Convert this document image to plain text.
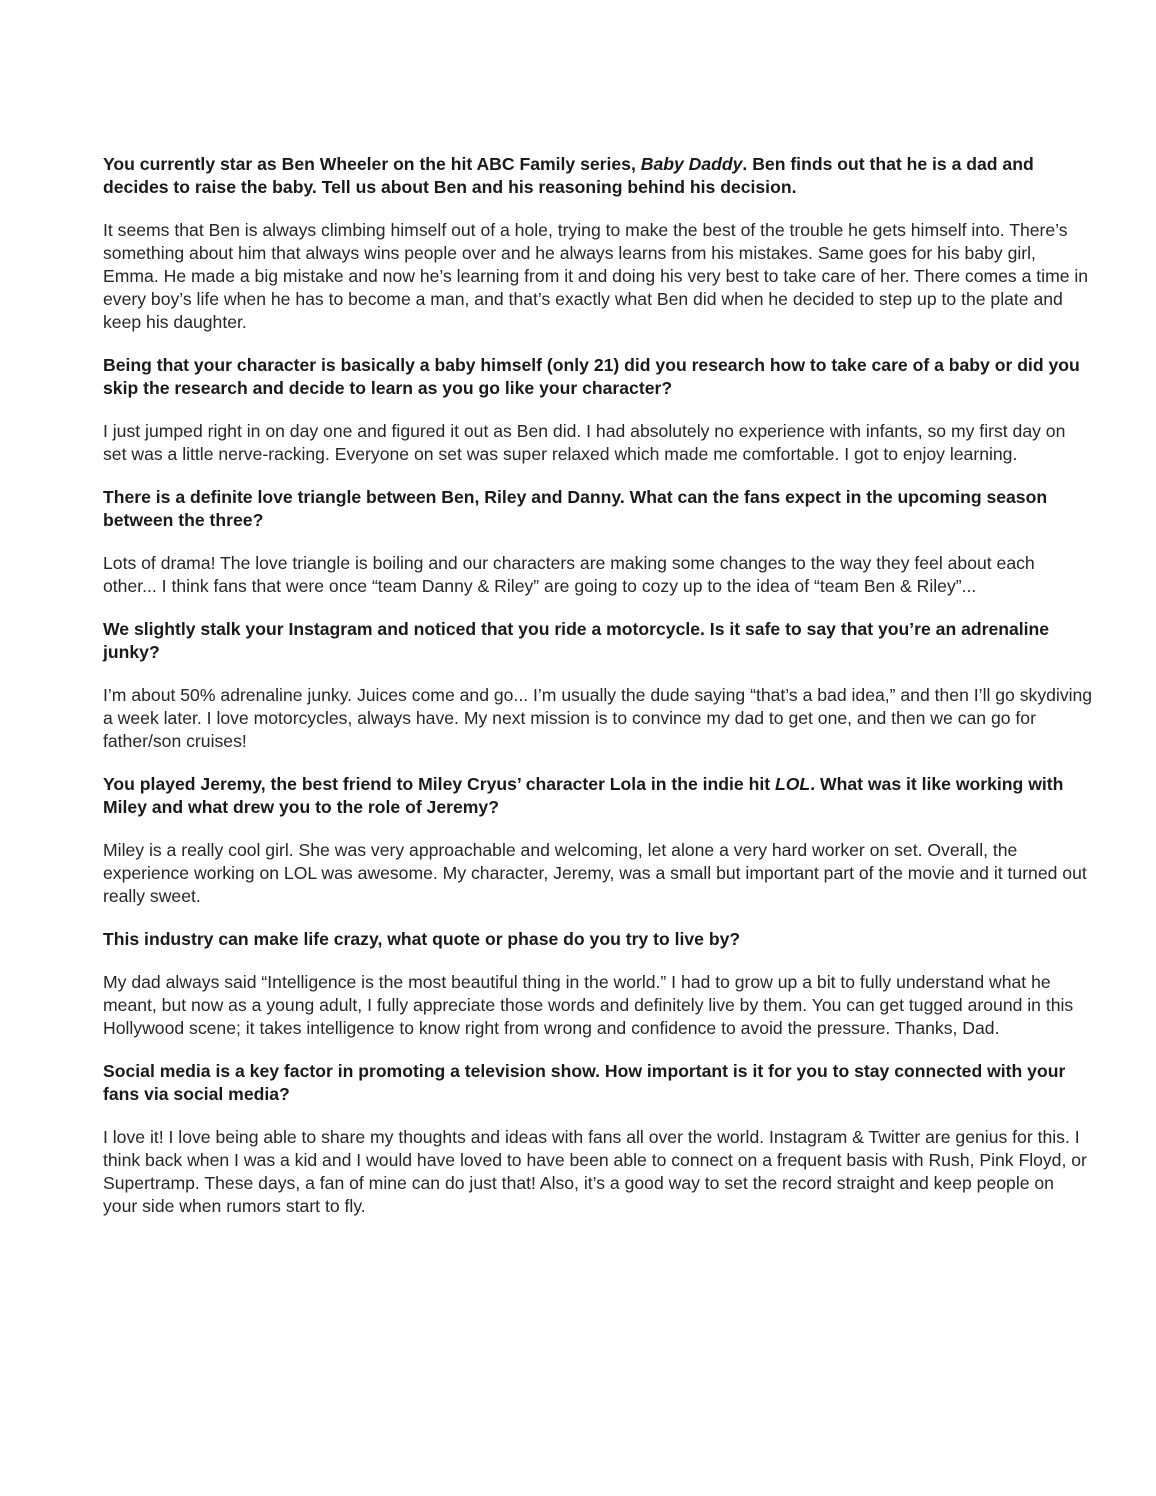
You currently star as Ben Wheeler on the hit ABC Family series, Baby Daddy. Ben finds out that he is a dad and decides to raise the baby. Tell us about Ben and his reasoning behind his decision.

It seems that Ben is always climbing himself out of a hole, trying to make the best of the trouble he gets himself into. There’s something about him that always wins people over and he always learns from his mistakes. Same goes for his baby girl, Emma. He made a big mistake and now he’s learning from it and doing his very best to take care of her. There comes a time in every boy’s life when he has to become a man, and that’s exactly what Ben did when he decided to step up to the plate and keep his daughter.

Being that your character is basically a baby himself (only 21) did you research how to take care of a baby or did you skip the research and decide to learn as you go like your character?

I just jumped right in on day one and figured it out as Ben did. I had absolutely no experience with infants, so my first day on set was a little nerve-racking. Everyone on set was super relaxed which made me comfortable. I got to enjoy learning.

There is a definite love triangle between Ben, Riley and Danny. What can the fans expect in the upcoming season between the three?

Lots of drama! The love triangle is boiling and our characters are making some changes to the way they feel about each other... I think fans that were once “team Danny & Riley” are going to cozy up to the idea of “team Ben & Riley”...

We slightly stalk your Instagram and noticed that you ride a motorcycle. Is it safe to say that you’re an adrenaline junky?

I’m about 50% adrenaline junky. Juices come and go... I’m usually the dude saying “that’s a bad idea,” and then I’ll go skydiving a week later. I love motorcycles, always have. My next mission is to convince my dad to get one, and then we can go for father/son cruises!

You played Jeremy, the best friend to Miley Cryus’ character Lola in the indie hit LOL. What was it like working with Miley and what drew you to the role of Jeremy?

Miley is a really cool girl. She was very approachable and welcoming, let alone a very hard worker on set. Overall, the experience working on LOL was awesome. My character, Jeremy, was a small but important part of the movie and it turned out really sweet.

This industry can make life crazy, what quote or phase do you try to live by?

My dad always said “Intelligence is the most beautiful thing in the world.” I had to grow up a bit to fully understand what he meant, but now as a young adult, I fully appreciate those words and definitely live by them. You can get tugged around in this Hollywood scene; it takes intelligence to know right from wrong and confidence to avoid the pressure. Thanks, Dad.

Social media is a key factor in promoting a television show. How important is it for you to stay connected with your fans via social media?

I love it! I love being able to share my thoughts and ideas with fans all over the world. Instagram & Twitter are genius for this. I think back when I was a kid and I would have loved to have been able to connect on a frequent basis with Rush, Pink Floyd, or Supertramp. These days, a fan of mine can do just that! Also, it’s a good way to set the record straight and keep people on your side when rumors start to fly.
